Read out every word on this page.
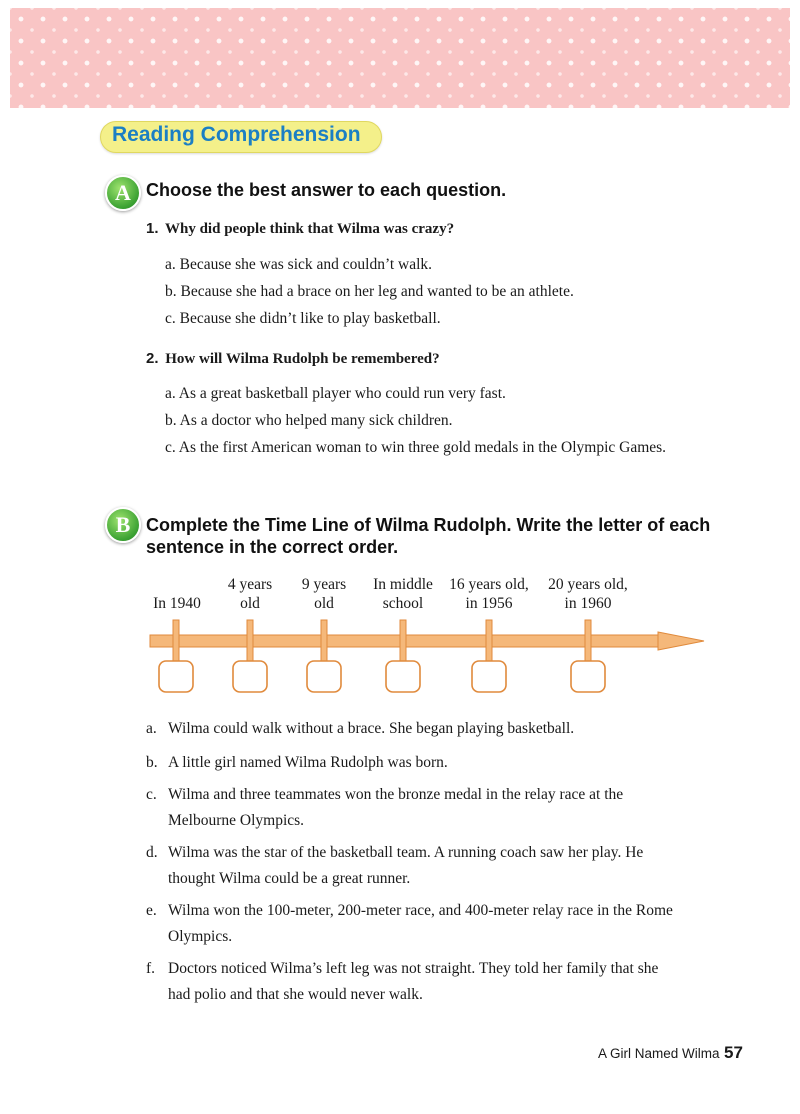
Reading Comprehension
A Choose the best answer to each question.
1. Why did people think that Wilma was crazy?
a. Because she was sick and couldn’t walk.
b. Because she had a brace on her leg and wanted to be an athlete.
c. Because she didn’t like to play basketball.
2. How will Wilma Rudolph be remembered?
a. As a great basketball player who could run very fast.
b. As a doctor who helped many sick children.
c. As the first American woman to win three gold medals in the Olympic Games.
B Complete the Time Line of Wilma Rudolph. Write the letter of each
sentence in the correct order.

In 1940
4 years
old
9 years
old
In middle
school
16 years old,
in 1956
20 years old,
in 1960
a. Wilma could walk without a brace. She began playing basketball.
b. A little girl named Wilma Rudolph was born.
c. Wilma and three teammates won the bronze medal in the relay race at the
Melbourne Olympics.
d. Wilma was the star of the basketball team. A running coach saw her play. He
thought Wilma could be a great runner.
e. Wilma won the 100-meter, 200-meter race, and 400-meter relay race in the Rome
Olympics.
f. Doctors noticed Wilma’s left leg was not straight. They told her family that she
had polio and that she would never walk.
A Girl Named Wilma 57
